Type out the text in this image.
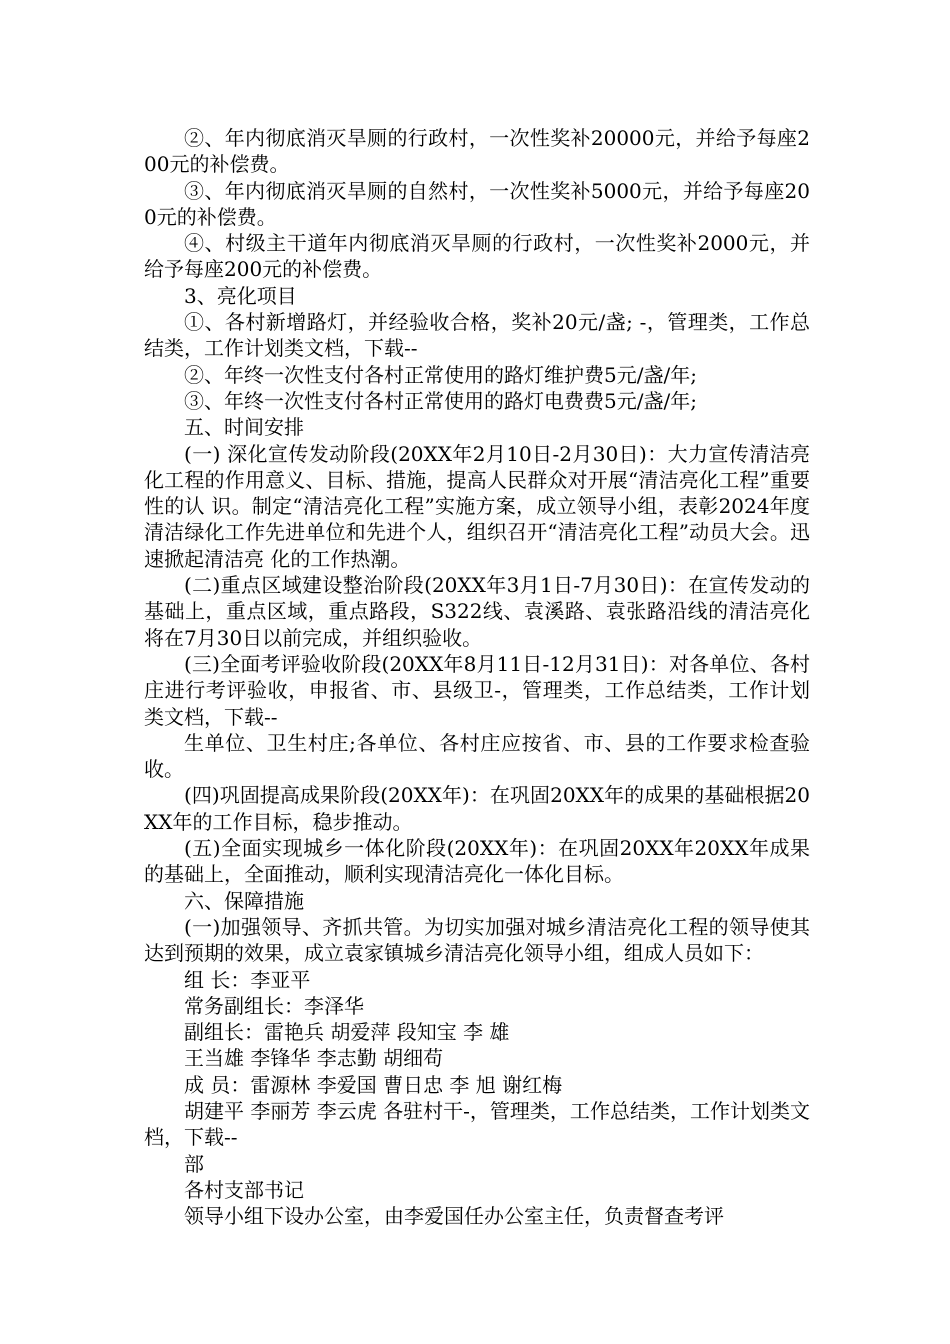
②、年内彻底消灭旱厕的行政村，一次性奖补20000元，并给予每座200元的补偿费。

③、年内彻底消灭旱厕的自然村，一次性奖补5000元，并给予每座200元的补偿费。

④、村级主干道年内彻底消灭旱厕的行政村，一次性奖补2000元，并给予每座200元的补偿费。

3、亮化项目

①、各村新增路灯，并经验收合格，奖补20元/盏; -，管理类，工作总结类，工作计划类文档，下载--

②、年终一次性支付各村正常使用的路灯维护费5元/盏/年;

③、年终一次性支付各村正常使用的路灯电费费5元/盏/年;

五、时间安排

(一) 深化宣传发动阶段(20XX年2月10日-2月30日)：大力宣传清洁亮化工程的作用意义、目标、措施，提高人民群众对开展“清洁亮化工程”重要性的认 识。制定“清洁亮化工程”实施方案，成立领导小组，表彰2024年度清洁绿化工作先进单位和先进个人，组织召开“清洁亮化工程”动员大会。迅速掀起清洁亮 化的工作热潮。

(二)重点区域建设整治阶段(20XX年3月1日-7月30日)：在宣传发动的基础上，重点区域，重点路段，S322线、袁溪路、袁张路沿线的清洁亮化将在7月30日以前完成，并组织验收。

(三)全面考评验收阶段(20XX年8月11日-12月31日)：对各单位、各村庄进行考评验收，申报省、市、县级卫-，管理类，工作总结类，工作计划类文档，下载--

生单位、卫生村庄;各单位、各村庄应按省、市、县的工作要求检查验收。

(四)巩固提高成果阶段(20XX年)：在巩固20XX年的成果的基础根据20XX年的工作目标，稳步推动。

(五)全面实现城乡一体化阶段(20XX年)：在巩固20XX年20XX年成果的基础上，全面推动，顺利实现清洁亮化一体化目标。

六、保障措施

(一)加强领导、齐抓共管。为切实加强对城乡清洁亮化工程的领导使其达到预期的效果，成立袁家镇城乡清洁亮化领导小组，组成人员如下：

组 长：李亚平

常务副组长：李泽华

副组长：雷艳兵 胡爱萍 段知宝 李 雄

王当雄 李锋华 李志勤 胡细苟

成 员：雷源林 李爱国 曹日忠 李 旭 谢红梅

胡建平 李丽芳 李云虎 各驻村干-，管理类，工作总结类，工作计划类文档，下载--

部

各村支部书记

领导小组下设办公室，由李爱国任办公室主任，负责督查考评
